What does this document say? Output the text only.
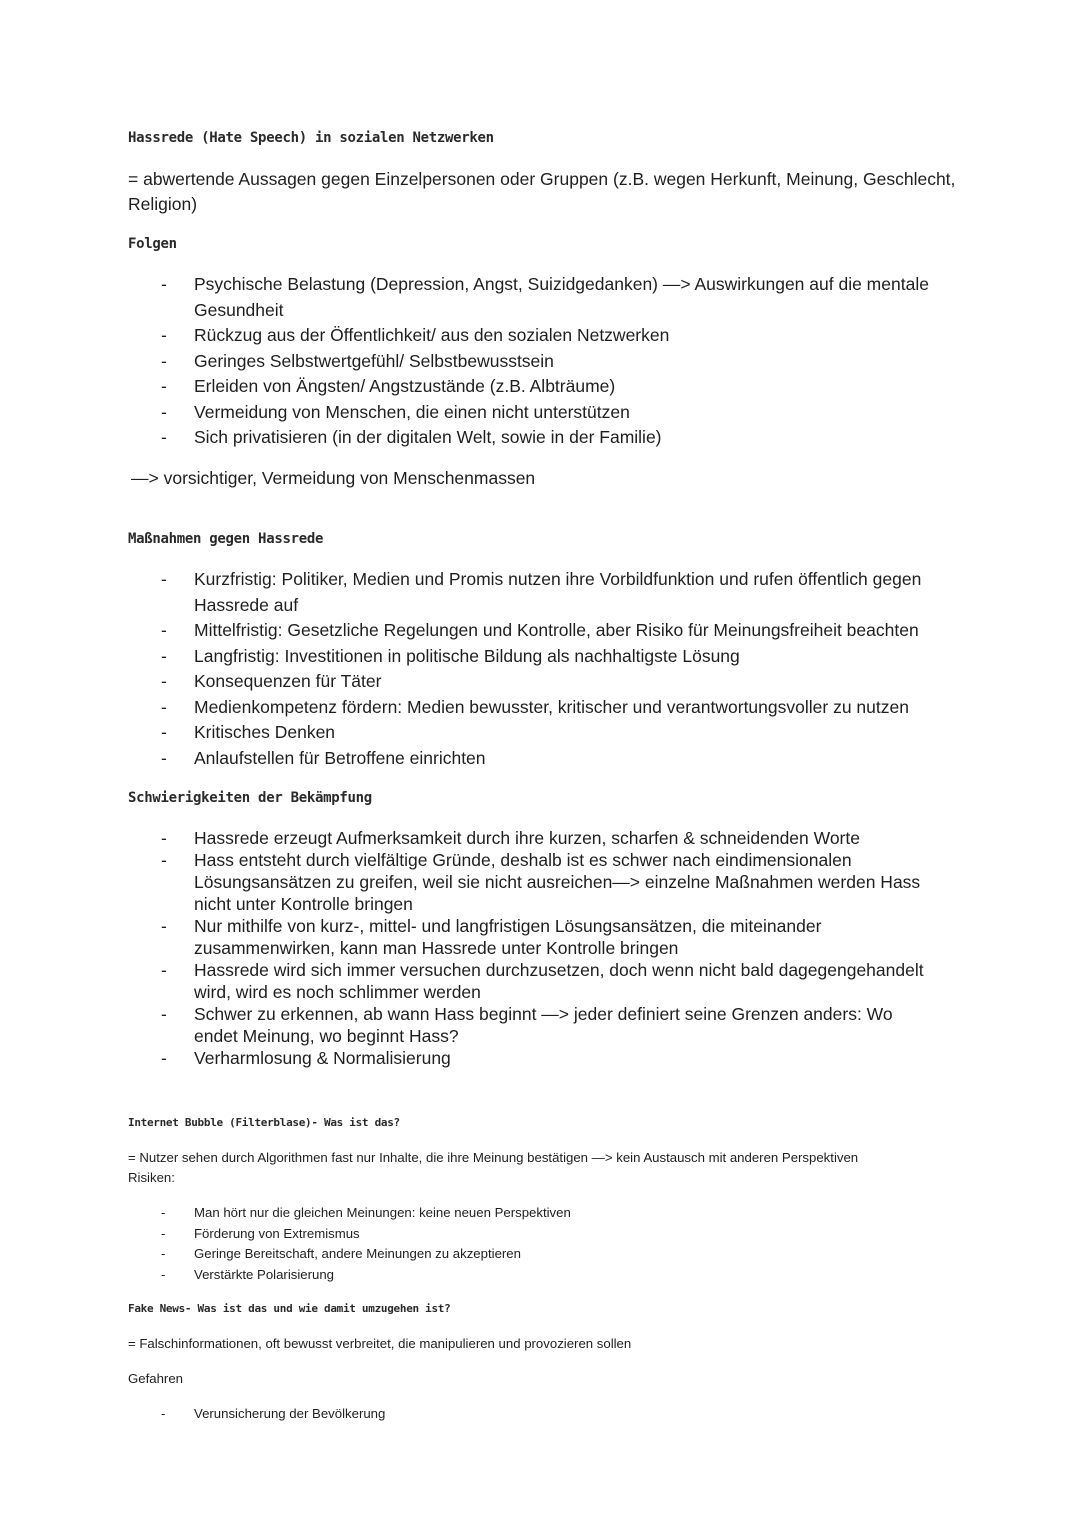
Hassrede (Hate Speech) in sozialen Netzwerken

= abwertende Aussagen gegen Einzelpersonen oder Gruppen (z.B. wegen Herkunft, Meinung, Geschlecht, Religion)

Folgen
- Psychische Belastung (Depression, Angst, Suizidgedanken) —> Auswirkungen auf die mentale Gesundheit
- Rückzug aus der Öffentlichkeit/ aus den sozialen Netzwerken
- Geringes Selbstwertgefühl/ Selbstbewusstsein
- Erleiden von Ängsten/ Angstzustände (z.B. Albträume)
- Vermeidung von Menschen, die einen nicht unterstützen
- Sich privatisieren (in der digitalen Welt, sowie in der Familie)

—> vorsichtiger, Vermeidung von Menschenmassen

Maßnahmen gegen Hassrede
- Kurzfristig: Politiker, Medien und Promis nutzen ihre Vorbildfunktion und rufen öffentlich gegen Hassrede auf
- Mittelfristig: Gesetzliche Regelungen und Kontrolle, aber Risiko für Meinungsfreiheit beachten
- Langfristig: Investitionen in politische Bildung als nachhaltigste Lösung
- Konsequenzen für Täter
- Medienkompetenz fördern: Medien bewusster, kritischer und verantwortungsvoller zu nutzen
- Kritisches Denken
- Anlaufstellen für Betroffene einrichten
Schwierigkeiten der Bekämpfung
- Hassrede erzeugt Aufmerksamkeit durch ihre kurzen, scharfen & schneidenden Worte
- Hass entsteht durch vielfältige Gründe, deshalb ist es schwer nach eindimensionalen Lösungsansätzen zu greifen, weil sie nicht ausreichen—> einzelne Maßnahmen werden Hass nicht unter Kontrolle bringen
- Nur mithilfe von kurz-, mittel- und langfristigen Lösungsansätzen, die miteinander zusammenwirken, kann man Hassrede unter Kontrolle bringen
- Hassrede wird sich immer versuchen durchzusetzen, doch wenn nicht bald dagegengehandelt wird, wird es noch schlimmer werden
- Schwer zu erkennen, ab wann Hass beginnt —> jeder definiert seine Grenzen anders: Wo endet Meinung, wo beginnt Hass?
- Verharmlosung & Normalisierung
Internet Bubble (Filterblase)- Was ist das?

= Nutzer sehen durch Algorithmen fast nur Inhalte, die ihre Meinung bestätigen —> kein Austausch mit anderen Perspektiven

Risiken:

- Man hört nur die gleichen Meinungen: keine neuen Perspektiven
- Förderung von Extremismus
- Geringe Bereitschaft, andere Meinungen zu akzeptieren
- Verstärkte Polarisierung
Fake News- Was ist das und wie damit umzugehen ist?

= Falschinformationen, oft bewusst verbreitet, die manipulieren und provozieren sollen

Gefahren

- Verunsicherung der Bevölkerung
